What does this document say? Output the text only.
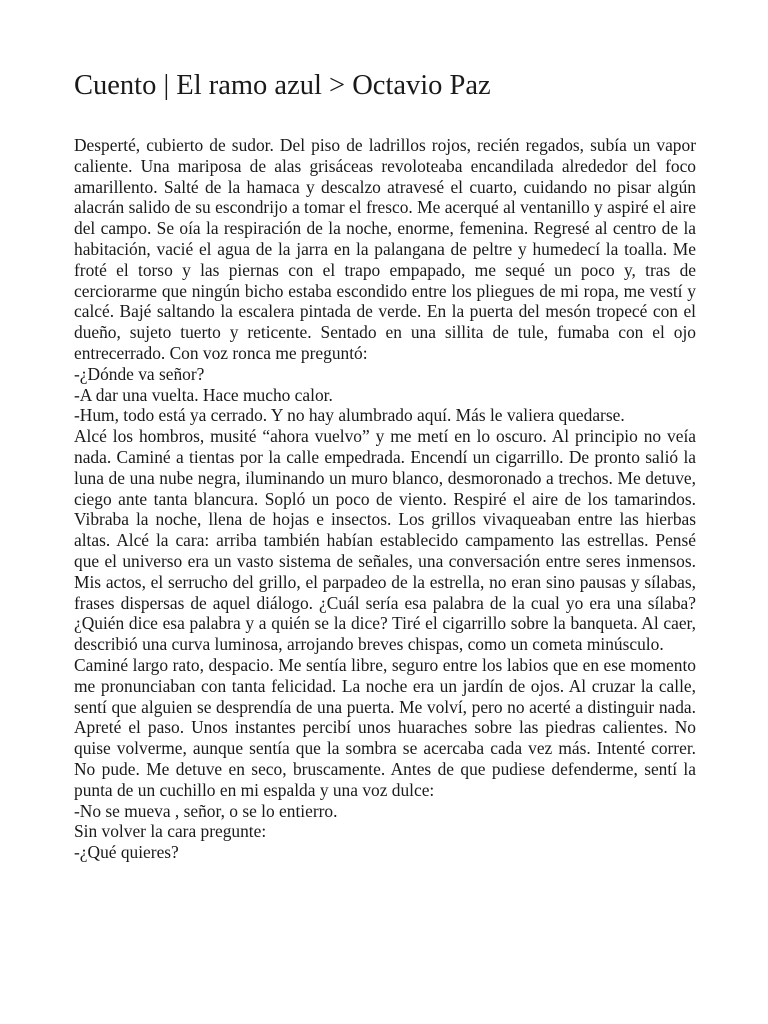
Cuento | El ramo azul > Octavio Paz

Desperté, cubierto de sudor. Del piso de ladrillos rojos, recién regados, subía un vapor caliente. Una mariposa de alas grisáceas revoloteaba encandilada alrededor del foco amarillento. Salté de la hamaca y descalzo atravesé el cuarto, cuidando no pisar algún alacrán salido de su escondrijo a tomar el fresco. Me acerqué al ventanillo y aspiré el aire del campo. Se oía la respiración de la noche, enorme, femenina. Regresé al centro de la habitación, vacié el agua de la jarra en la palangana de peltre y humedecí la toalla. Me froté el torso y las piernas con el trapo empapado, me sequé un poco y, tras de cerciorarme que ningún bicho estaba escondido entre los pliegues de mi ropa, me vestí y calcé. Bajé saltando la escalera pintada de verde. En la puerta del mesón tropecé con el dueño, sujeto tuerto y reticente. Sentado en una sillita de tule, fumaba con el ojo entrecerrado. Con voz ronca me preguntó:

-¿Dónde va señor?

-A dar una vuelta. Hace mucho calor.

-Hum, todo está ya cerrado. Y no hay alumbrado aquí. Más le valiera quedarse.

Alcé los hombros, musité “ahora vuelvo” y me metí en lo oscuro. Al principio no veía nada. Caminé a tientas por la calle empedrada. Encendí un cigarrillo. De pronto salió la luna de una nube negra, iluminando un muro blanco, desmoronado a trechos. Me detuve, ciego ante tanta blancura. Sopló un poco de viento. Respiré el aire de los tamarindos. Vibraba la noche, llena de hojas e insectos. Los grillos vivaqueaban entre las hierbas altas. Alcé la cara: arriba también habían establecido campamento las estrellas. Pensé que el universo era un vasto sistema de señales, una conversación entre seres inmensos. Mis actos, el serrucho del grillo, el parpadeo de la estrella, no eran sino pausas y sílabas, frases dispersas de aquel diálogo. ¿Cuál sería esa palabra de la cual yo era una sílaba? ¿Quién dice esa palabra y a quién se la dice? Tiré el cigarrillo sobre la banqueta. Al caer, describió una curva luminosa, arrojando breves chispas, como un cometa minúsculo.

Caminé largo rato, despacio. Me sentía libre, seguro entre los labios que en ese momento me pronunciaban con tanta felicidad. La noche era un jardín de ojos. Al cruzar la calle, sentí que alguien se desprendía de una puerta. Me volví, pero no acerté a distinguir nada. Apreté el paso. Unos instantes percibí unos huaraches sobre las piedras calientes. No quise volverme, aunque sentía que la sombra se acercaba cada vez más. Intenté correr. No pude. Me detuve en seco, bruscamente. Antes de que pudiese defenderme, sentí la punta de un cuchillo en mi espalda y una voz dulce:

-No se mueva , señor, o se lo entierro.

Sin volver la cara pregunte:

-¿Qué quieres?
